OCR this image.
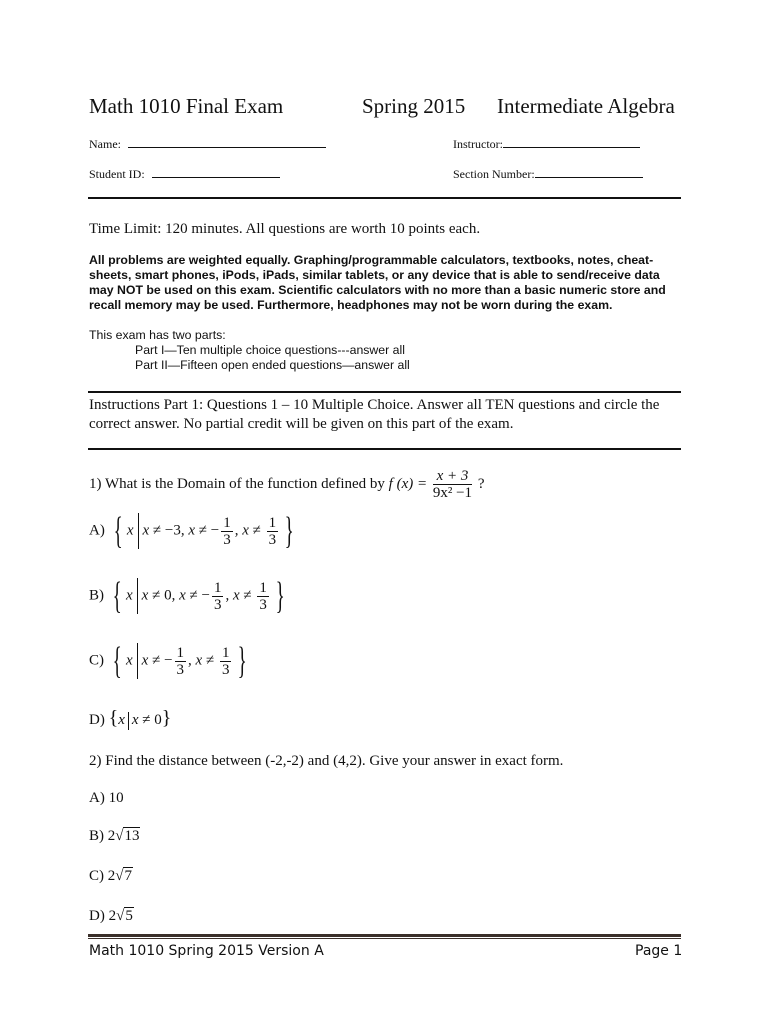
Math 1010 Final Exam	Spring 2015 Intermediate Algebra
Name:	Instructor:
Student ID:	Section Number:
Time Limit: 120 minutes. All questions are worth 10 points each.
All problems are weighted equally. Graphing/programmable calculators, textbooks, notes, cheat-sheets, smart phones, iPods, iPads, similar tablets, or any device that is able to send/receive data may NOT be used on this exam. Scientific calculators with no more than a basic numeric store and recall memory may be used. Furthermore, headphones may not be worn during the exam.
This exam has two parts:
Part I—Ten multiple choice questions---answer all
Part II—Fifteen open ended questions—answer all
Instructions Part 1: Questions 1 – 10 Multiple Choice. Answer all TEN questions and circle the correct answer. No partial credit will be given on this part of the exam.
1) What is the Domain of the function defined by f $(x) = \frac{x + 3}{\text{9x² −1}}$ ?
A) { x x ≠ −3, x ≠ − $\frac{1}{3}$ , $x \ne \frac{1}{3}$ }
B) { x x ≠ 0, x ≠ − $\frac{1}{3}$ , $x \ne \frac{1}{3}$ }
C) { x x ≠ − $\frac{1}{3}$ , $x \ne \frac{1}{3}$ }
D) {x x ≠ 0}
2) Find the distance between (-2,-2) and (4,2). Give your answer in exact form.
A) 10
B) 2√13
C) 2√7
D) 2√5
Math 1010 Spring 2015 Version A	Page 1
